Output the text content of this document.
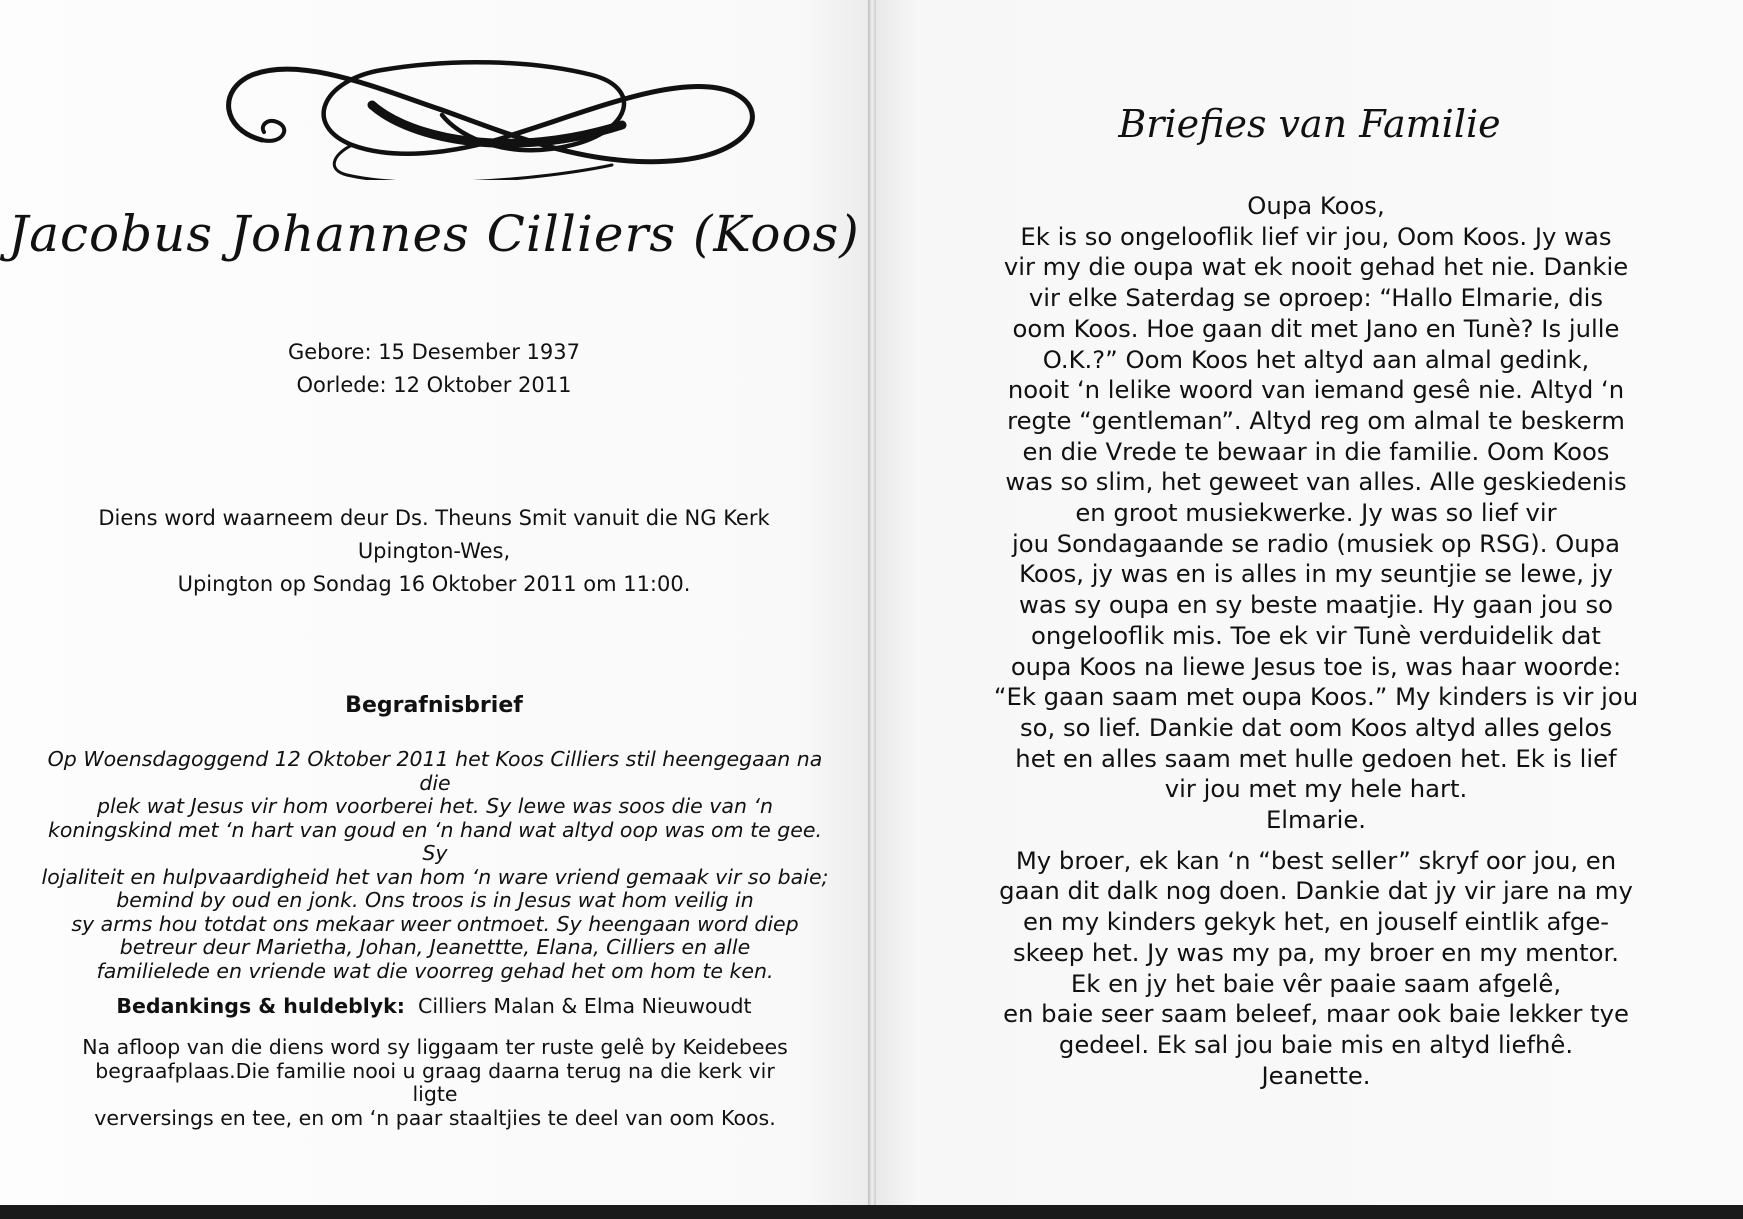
Jacobus Johannes Cilliers (Koos)
Gebore: 15 Desember 1937
Oorlede: 12 Oktober 2011
Diens word waarneem deur Ds. Theuns Smit vanuit die NG Kerk
Upington-Wes,
Upington op Sondag 16 Oktober 2011 om 11:00.
Begrafnisbrief
Op Woensdagoggend 12 Oktober 2011 het Koos Cilliers stil heengegaan na die
plek wat Jesus vir hom voorberei het. Sy lewe was soos die van ‘n
koningskind met ‘n hart van goud en ‘n hand wat altyd oop was om te gee. Sy
lojaliteit en hulpvaardigheid het van hom ‘n ware vriend gemaak vir so baie;
bemind by oud en jonk. Ons troos is in Jesus wat hom veilig in
sy arms hou totdat ons mekaar weer ontmoet. Sy heengaan word diep
betreur deur Marietha, Johan, Jeanettte, Elana, Cilliers en alle
familielede en vriende wat die voorreg gehad het om hom te ken.
Bedankings & huldeblyk: Cilliers Malan & Elma Nieuwoudt
Na afloop van die diens word sy liggaam ter ruste gelê by Keidebees
begraafplaas.Die familie nooi u graag daarna terug na die kerk vir ligte
verversings en tee, en om ‘n paar staaltjies te deel van oom Koos.
Briefies van Familie

Oupa Koos,

Ek is so ongelooflik lief vir jou, Oom Koos. Jy was

vir my die oupa wat ek nooit gehad het nie. Dankie

vir elke Saterdag se oproep: “Hallo Elmarie, dis

oom Koos. Hoe gaan dit met Jano en Tunè? Is julle

O.K.?” Oom Koos het altyd aan almal gedink,

nooit ‘n lelike woord van iemand gesê nie. Altyd ‘n

regte “gentleman”. Altyd reg om almal te beskerm

en die Vrede te bewaar in die familie. Oom Koos

was so slim, het geweet van alles. Alle geskiedenis

en groot musiekwerke. Jy was so lief vir

jou Sondagaande se radio (musiek op RSG). Oupa

Koos, jy was en is alles in my seuntjie se lewe, jy

was sy oupa en sy beste maatjie. Hy gaan jou so

ongelooflik mis. Toe ek vir Tunè verduidelik dat

oupa Koos na liewe Jesus toe is, was haar woorde:

“Ek gaan saam met oupa Koos.” My kinders is vir jou

so, so lief. Dankie dat oom Koos altyd alles gelos

het en alles saam met hulle gedoen het. Ek is lief

vir jou met my hele hart.

Elmarie.

My broer, ek kan ‘n “best seller” skryf oor jou, en

gaan dit dalk nog doen. Dankie dat jy vir jare na my

en my kinders gekyk het, en jouself eintlik afge-

skeep het. Jy was my pa, my broer en my mentor.

Ek en jy het baie vêr paaie saam afgelê,

en baie seer saam beleef, maar ook baie lekker tye

gedeel. Ek sal jou baie mis en altyd liefhê.

Jeanette.
